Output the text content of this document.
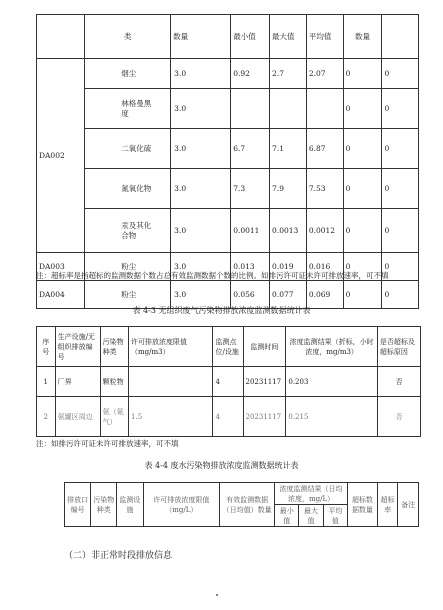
	类	数量	最小值	最大值	平均值	数量	
DA002	烟尘	3.0	0.92	2.7	2.07	0	0
	林格曼黑度	3.0				0	0
	二氧化硫	3.0	6.7	7.1	6.87	0	0
	氮氧化物	3.0	7.3	7.9	7.53	0	0
	汞及其化合物	3.0	0.0011	0.0013	0.0012	0	0
DA003	粉尘	3.0	0.013	0.019	0.016	0	0
DA004	粉尘	3.0	0.056	0.077	0.069	0	0
注：超标率是指超标的监测数据个数占总有效监测数据个数的比例。如排污许可证未许可排放速率，可不填
表 4-3 无组织废气污染物排放浓度监测数据统计表
序号	生产设施/无组织排放编号	污染物种类	许可排放浓度限值（mg/m3）	监测点位/设施	监测时间	浓度监测结果（折标，小时浓度，mg/m3）	是否超标及超标原因
1	厂界	颗粒物		4	20231117	0.203	否
2	氨罐区周边	氨（氨气）	1.5	4	20231117	0.215	否
注：如排污许可证未许可排放速率，可不填
表 4-4 废水污染物排放浓度监测数据统计表
排放口编号	污染物种类	监测设施	许可排放浓度限值（mg/L）	有效监测数据（日均值）数量	浓度监测结果（日均浓度，mg/L）			超标数据数量	超标率	备注
					最小值	最大值	平均值			
（二）非正常时段排放信息
